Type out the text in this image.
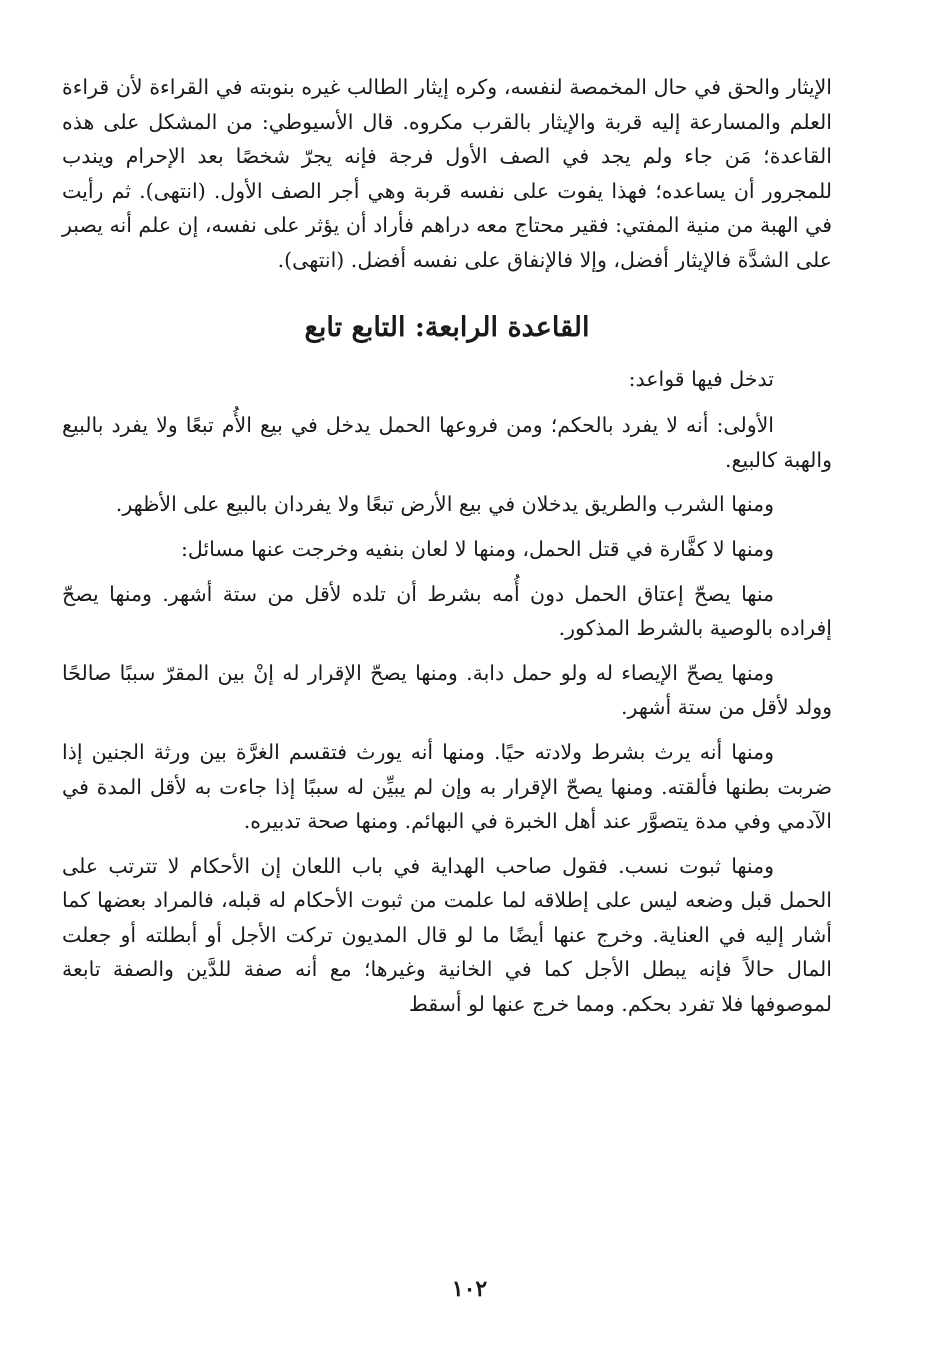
الإيثار والحق في حال المخمصة لنفسه، وكره إيثار الطالب غيره بنوبته في القراءة لأن قراءة العلم والمسارعة إليه قربة والإيثار بالقرب مكروه. قال الأسيوطي: من المشكل على هذه القاعدة؛ مَن جاء ولم يجد في الصف الأول فرجة فإنه يجرّ شخصًا بعد الإحرام ويندب للمجرور أن يساعده؛ فهذا يفوت على نفسه قربة وهي أجر الصف الأول. (انتهى). ثم رأيت في الهبة من منية المفتي: فقير محتاج معه دراهم فأراد أن يؤثر على نفسه، إن علم أنه يصبر على الشدَّة فالإيثار أفضل، وإلا فالإنفاق على نفسه أفضل. (انتهى).

القاعدة الرابعة: التابع تابع

تدخل فيها قواعد:

الأولى: أنه لا يفرد بالحكم؛ ومن فروعها الحمل يدخل في بيع الأُم تبعًا ولا يفرد بالبيع والهبة كالبيع.

ومنها الشرب والطريق يدخلان في بيع الأرض تبعًا ولا يفردان بالبيع على الأظهر.

ومنها لا كفَّارة في قتل الحمل، ومنها لا لعان بنفيه وخرجت عنها مسائل:

منها يصحّ إعتاق الحمل دون أُمه بشرط أن تلده لأقل من ستة أشهر. ومنها يصحّ إفراده بالوصية بالشرط المذكور.

ومنها يصحّ الإيصاء له ولو حمل دابة. ومنها يصحّ الإقرار له إنْ بين المقرّ سببًا صالحًا وولد لأقل من ستة أشهر.

ومنها أنه يرث بشرط ولادته حيًا. ومنها أنه يورث فتقسم الغرَّة بين ورثة الجنين إذا ضربت بطنها فألقته. ومنها يصحّ الإقرار به وإن لم يبيِّن له سببًا إذا جاءت به لأقل المدة في الآدمي وفي مدة يتصوَّر عند أهل الخبرة في البهائم. ومنها صحة تدبيره.

ومنها ثبوت نسب. فقول صاحب الهداية في باب اللعان إن الأحكام لا تترتب على الحمل قبل وضعه ليس على إطلاقه لما علمت من ثبوت الأحكام له قبله، فالمراد بعضها كما أشار إليه في العناية. وخرج عنها أيضًا ما لو قال المديون تركت الأجل أو أبطلته أو جعلت المال حالاً فإنه يبطل الأجل كما في الخانية وغيرها؛ مع أنه صفة للدَّين والصفة تابعة لموصوفها فلا تفرد بحكم. ومما خرج عنها لو أسقط

١٠٢
